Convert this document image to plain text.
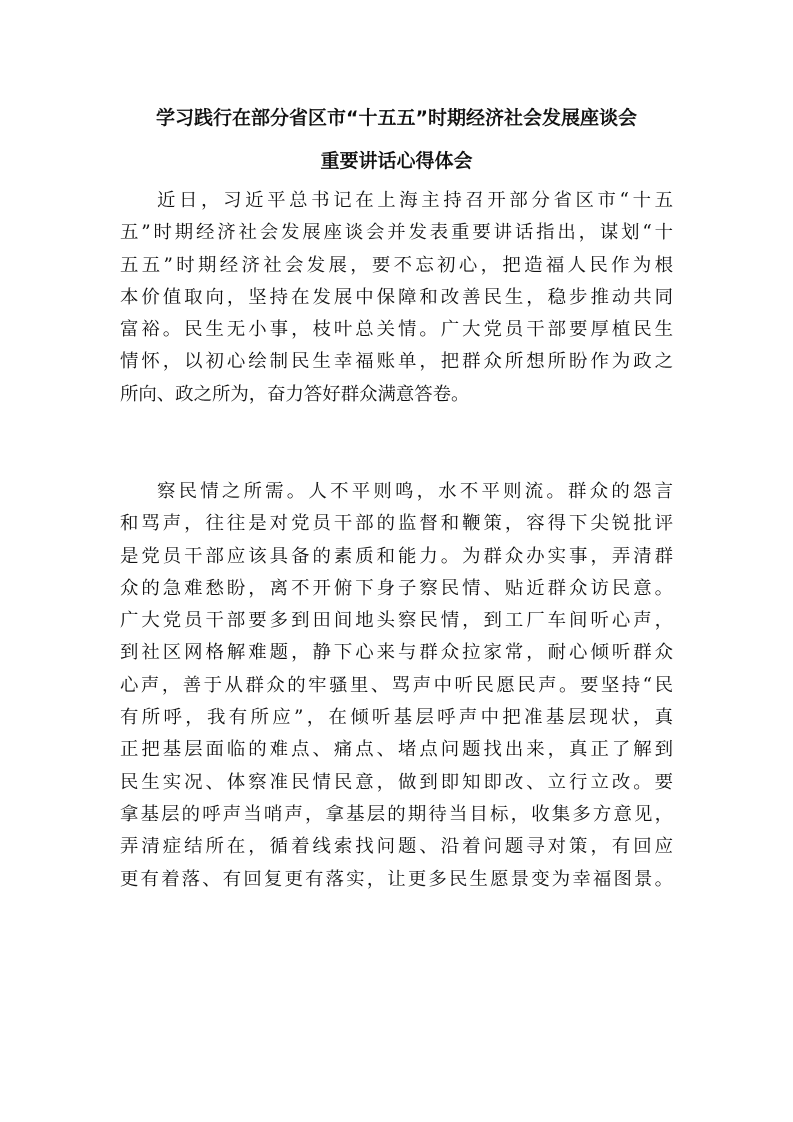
学习践行在部分省区市“十五五”时期经济社会发展座谈会
重要讲话心得体会
近日，习近平总书记在上海主持召开部分省区市“十五
五”时期经济社会发展座谈会并发表重要讲话指出，谋划“十
五五”时期经济社会发展，要不忘初心，把造福人民作为根
本价值取向，坚持在发展中保障和改善民生，稳步推动共同
富裕。民生无小事，枝叶总关情。广大党员干部要厚植民生
情怀，以初心绘制民生幸福账单，把群众所想所盼作为政之
所向、政之所为，奋力答好群众满意答卷。
察民情之所需。人不平则鸣，水不平则流。群众的怨言
和骂声，往往是对党员干部的监督和鞭策，容得下尖锐批评
是党员干部应该具备的素质和能力。为群众办实事，弄清群
众的急难愁盼，离不开俯下身子察民情、贴近群众访民意。
广大党员干部要多到田间地头察民情，到工厂车间听心声，
到社区网格解难题，静下心来与群众拉家常，耐心倾听群众
心声，善于从群众的牢骚里、骂声中听民愿民声。要坚持“民
有所呼，我有所应”，在倾听基层呼声中把准基层现状，真
正把基层面临的难点、痛点、堵点问题找出来，真正了解到
民生实况、体察准民情民意，做到即知即改、立行立改。要
拿基层的呼声当哨声，拿基层的期待当目标，收集多方意见，
弄清症结所在，循着线索找问题、沿着问题寻对策，有回应
更有着落、有回复更有落实，让更多民生愿景变为幸福图景。
